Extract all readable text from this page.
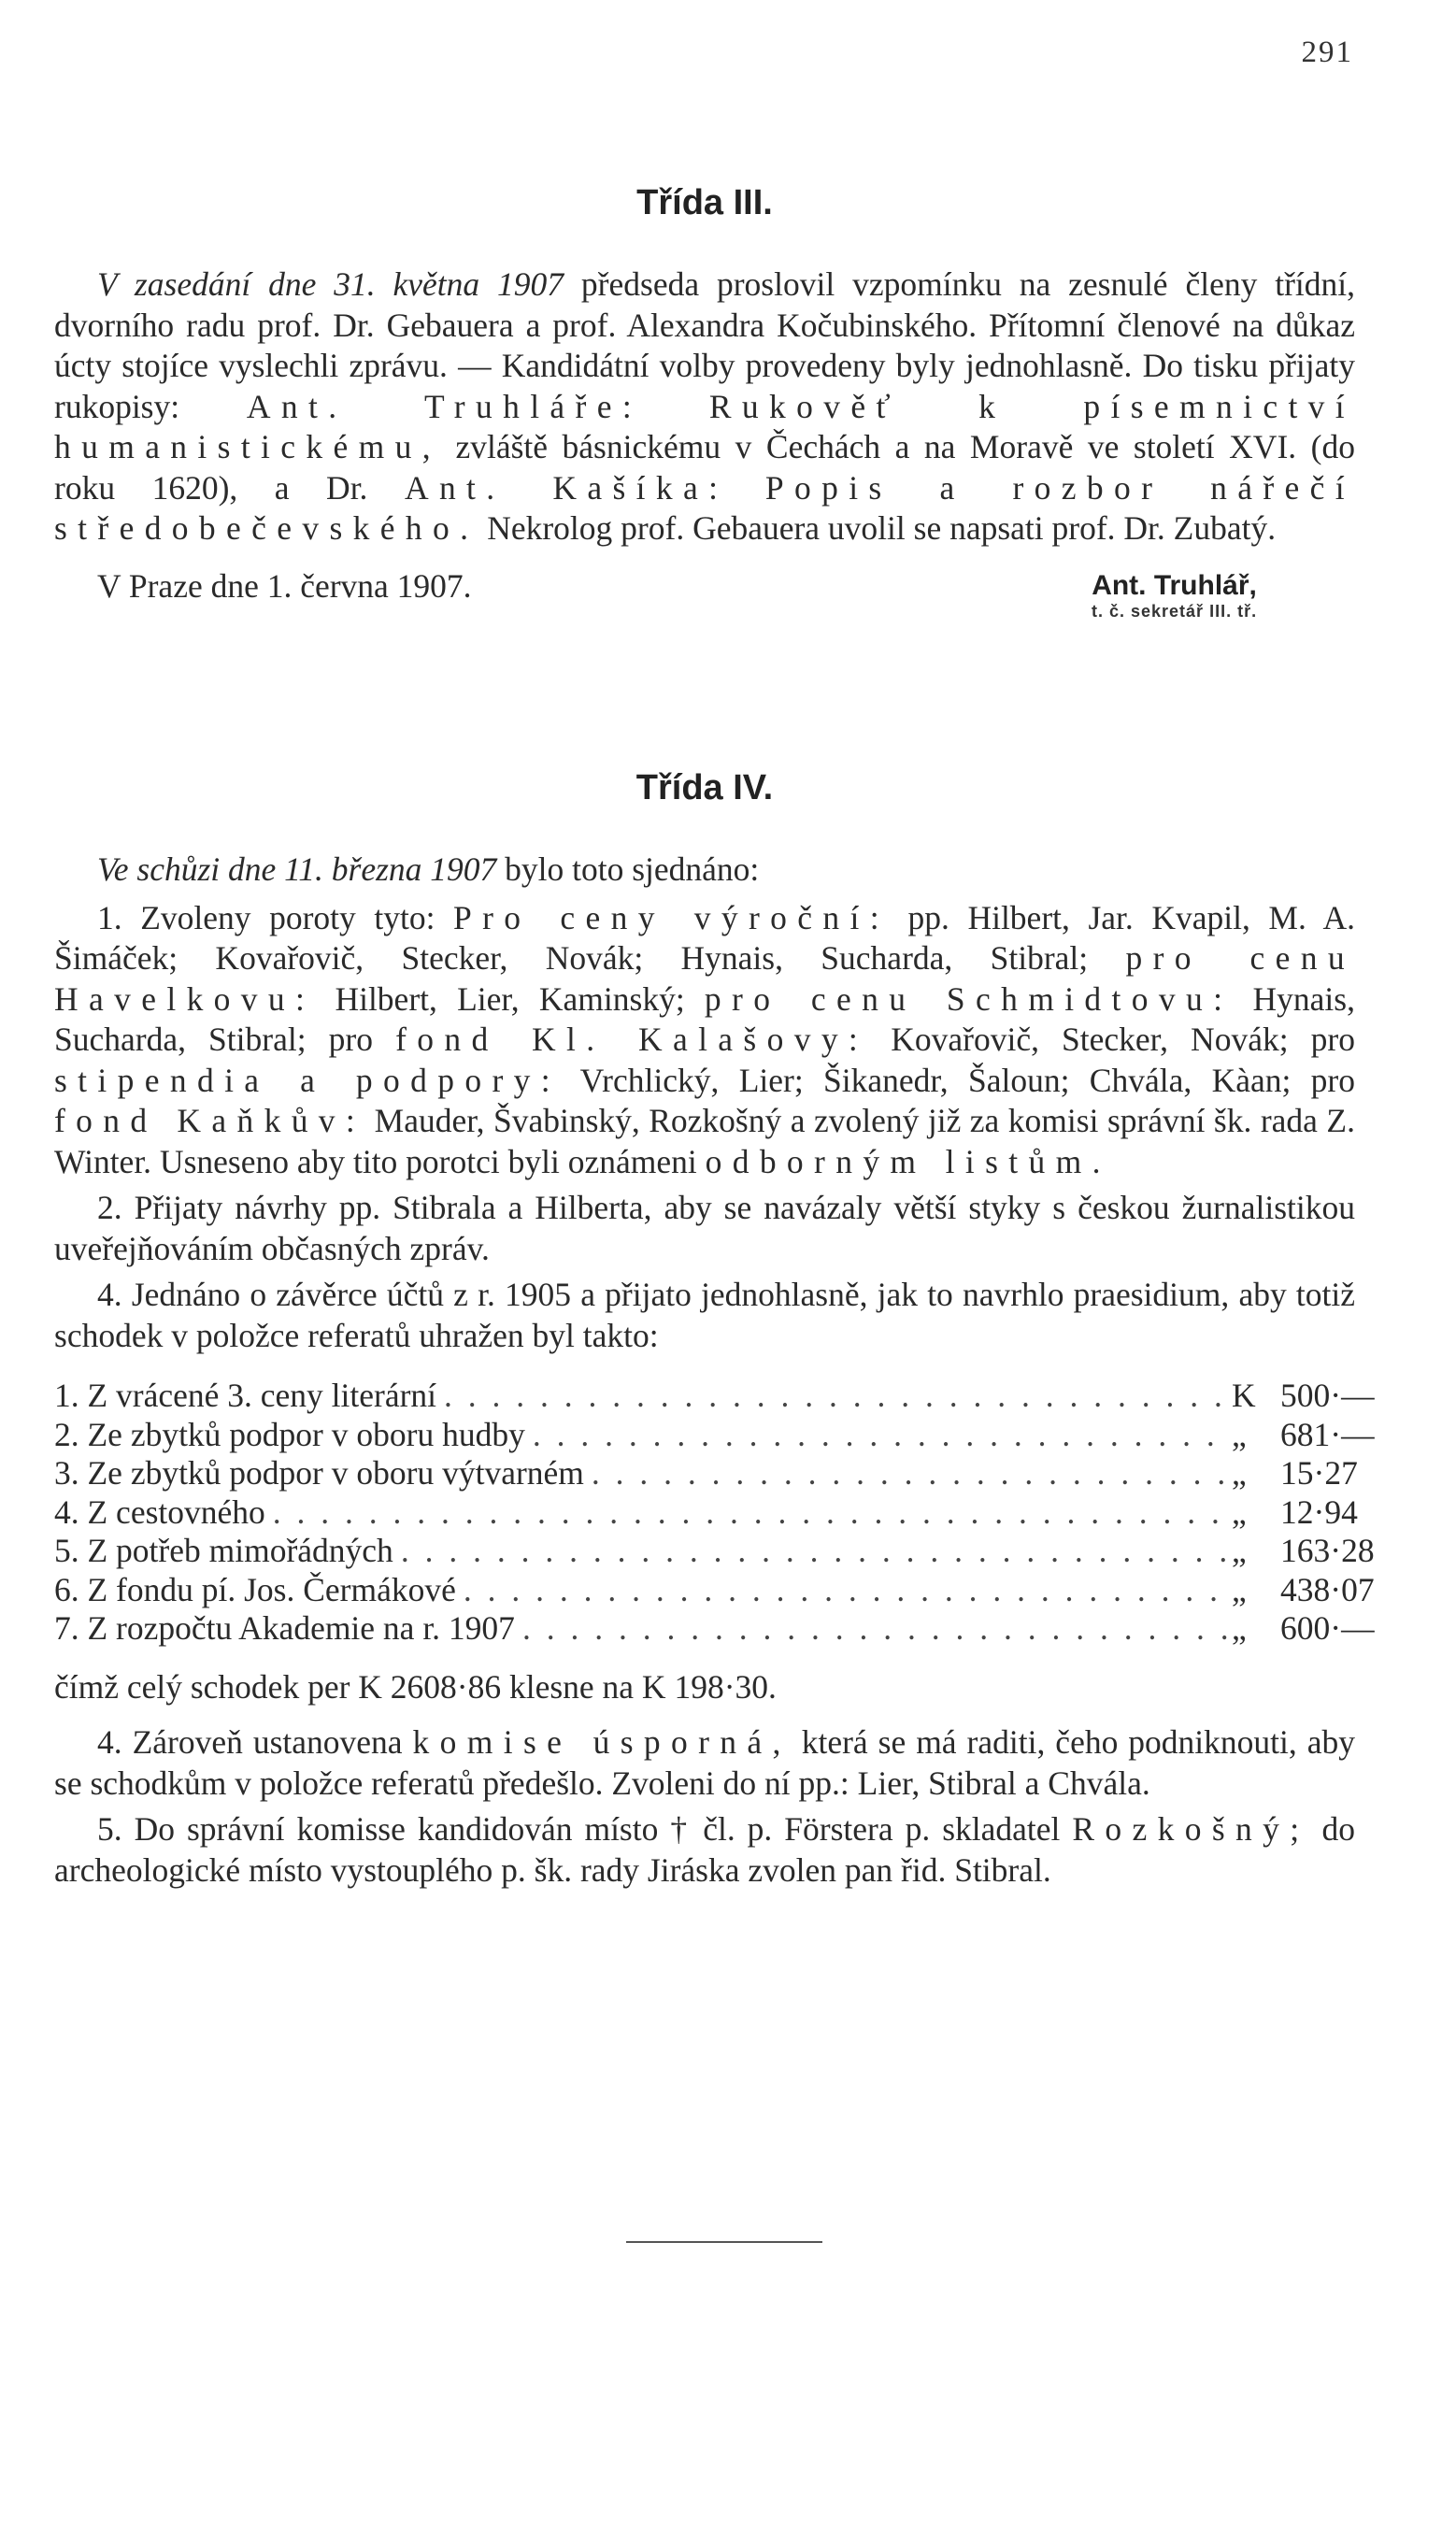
291
Třída III.

V zasedání dne 31. května 1907 předseda proslovil vzpomínku na zesnulé členy třídní, dvorního radu prof. Dr. Gebauera a prof. Alexandra Kočubinského. Přítomní členové na důkaz úcty stojíce vyslechli zprávu. — Kandidátní volby provedeny byly jednohlasně. Do tisku přijaty rukopisy: Ant. Truhláře: Rukověť k písemnictví humanistickému, zvláště básnickému v Čechách a na Moravě ve století XVI. (do roku 1620), a Dr. Ant. Kašíka: Popis a rozbor nářečí středobečevského. Nekrolog prof. Gebauera uvolil se napsati prof. Dr. Zubatý.

V Praze dne 1. června 1907.	Ant. Truhlář,
t. č. sekretář III. tř.
Třída IV.

Ve schůzi dne 11. března 1907 bylo toto sjednáno:

1. Zvoleny poroty tyto: Pro ceny výroční: pp. Hilbert, Jar. Kvapil, M. A. Šimáček; Kovařovič, Stecker, Novák; Hynais, Sucharda, Stibral; pro cenu Havelkovu: Hilbert, Lier, Kaminský; pro cenu Schmidtovu: Hynais, Sucharda, Stibral; pro fond Kl. Kalašovy: Kovařovič, Stecker, Novák; pro stipendia a podpory: Vrchlický, Lier; Šikanedr, Šaloun; Chvála, Kàan; pro fond Kaňkův: Mauder, Švabinský, Rozkošný a zvolený již za komisi správní šk. rada Z. Winter. Usneseno aby tito porotci byli oznámeni odborným listům.

2. Přijaty návrhy pp. Stibrala a Hilberta, aby se navázaly větší styky s českou žurnalistikou uveřejňováním občasných zpráv.

4. Jednáno o závěrce účtů z r. 1905 a přijato jednohlasně, jak to navrhlo praesidium, aby totiž schodek v položce referatů uhražen byl takto:

1. Z vrácené 3. ceny literární . . .	K 500·—
2. Ze zbytků podpor v oboru hudby . . .	„	681·—
3. Ze zbytků podpor v oboru výtvarném . . .	„	15·27
4. Z cestovného . . .	„	12·94
5. Z potřeb mimořádných . . .	„	163·28
6. Z fondu pí. Jos. Čermákové . . .	„	438·07
7. Z rozpočtu Akademie na r. 1907 . . .	„	600·—

čímž celý schodek per K 2608·86 klesne na K 198·30.

4. Zároveň ustanovena komise úsporná, která se má raditi, čeho podniknouti, aby se schodkům v položce referatů předešlo. Zvoleni do ní pp.: Lier, Stibral a Chvála.

5. Do správní komisse kandidován místo † čl. p. Förstera p. skladatel Rozkošný; do archeologické místo vystouplého p. šk. rady Jiráska zvolen pan řid. Stibral.
